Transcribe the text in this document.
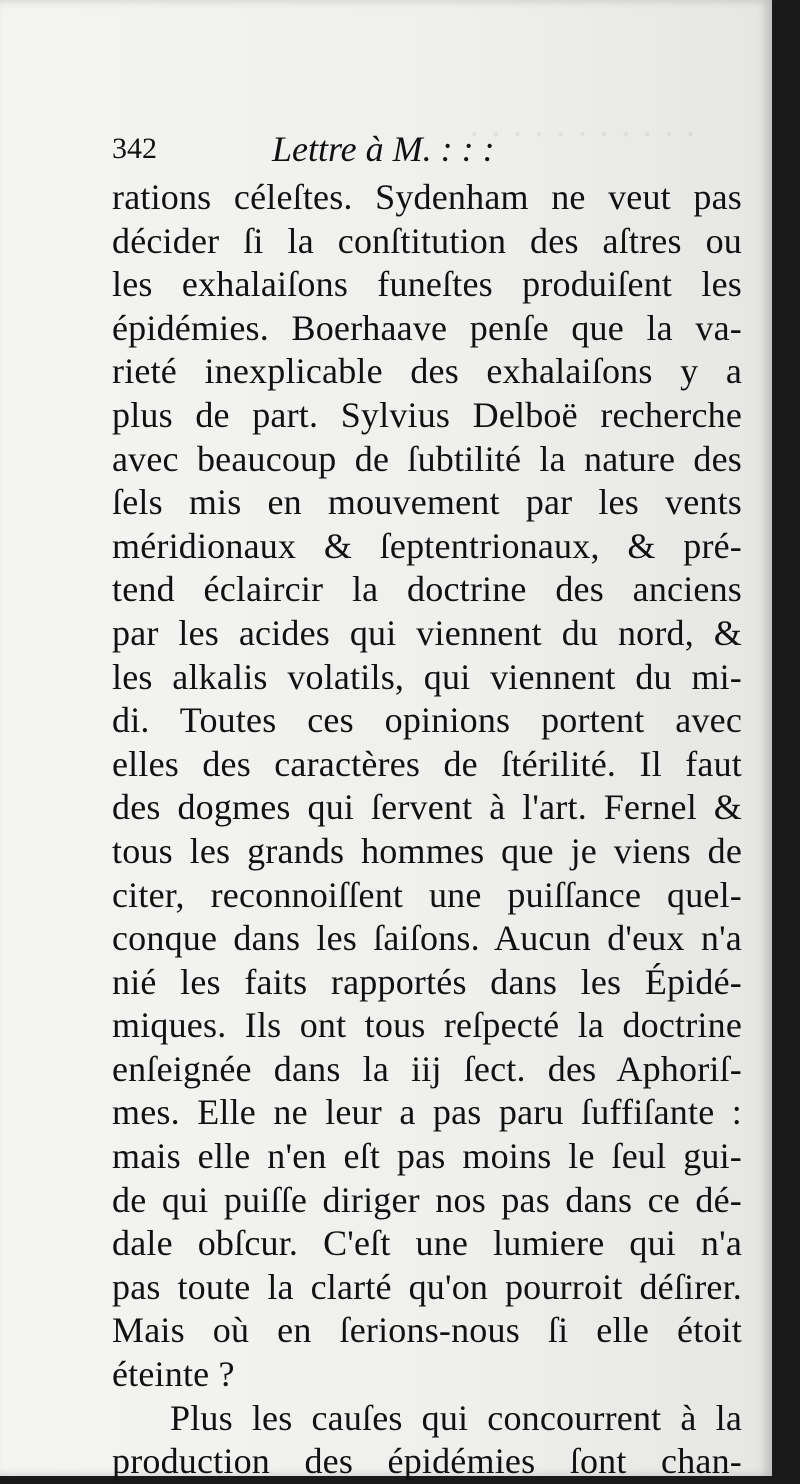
. . . . . . . . . . .

342	Lettre à M. : : :
rations céleſtes. Sydenham ne veut pas
décider ſi la conſtitution des aſtres ou
les exhalaiſons funeſtes produiſent les
épidémies. Boerhaave penſe que la va-
rieté inexplicable des exhalaiſons y a
plus de part. Sylvius Delboë recherche
avec beaucoup de ſubtilité la nature des
ſels mis en mouvement par les vents
méridionaux & ſeptentrionaux, & pré-
tend éclaircir la doctrine des anciens
par les acides qui viennent du nord, &
les alkalis volatils, qui viennent du mi-
di. Toutes ces opinions portent avec
elles des caractères de ſtérilité. Il faut
des dogmes qui ſervent à l'art. Fernel &
tous les grands hommes que je viens de
citer, reconnoiſſent une puiſſance quel-
conque dans les ſaiſons. Aucun d'eux n'a
nié les faits rapportés dans les Épidé-
miques. Ils ont tous reſpecté la doctrine
enſeignée dans la iij ſect. des Aphoriſ-
mes. Elle ne leur a pas paru ſuffiſante :
mais elle n'en eſt pas moins le ſeul gui-
de qui puiſſe diriger nos pas dans ce dé-
dale obſcur. C'eſt une lumiere qui n'a
pas toute la clarté qu'on pourroit déſirer.
Mais où en ſerions-nous ſi elle étoit
éteinte ?
Plus les cauſes qui concourrent à la
production des épidémies ſont chan-
